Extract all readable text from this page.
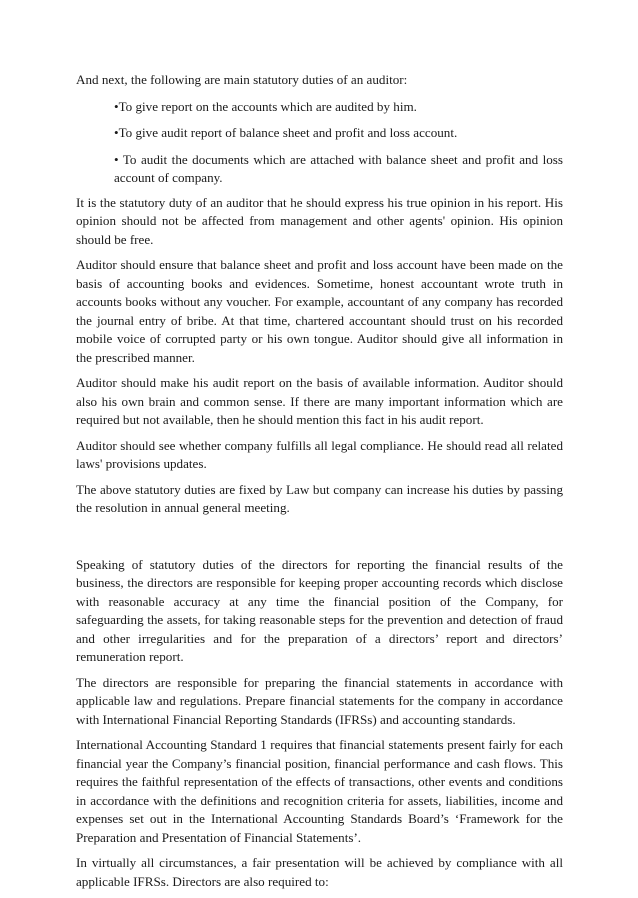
And next, the following are main statutory duties of an auditor:

•To give report on the accounts which are audited by him.
•To give audit report of balance sheet and profit and loss account.
• To audit the documents which are attached with balance sheet and profit and loss account of company.

It is the statutory duty of an auditor that he should express his true opinion in his report. His opinion should not be affected from management and other agents' opinion. His opinion should be free.

Auditor should ensure that balance sheet and profit and loss account have been made on the basis of accounting books and evidences. Sometime, honest accountant wrote truth in accounts books without any voucher. For example, accountant of any company has recorded the journal entry of bribe. At that time, chartered accountant should trust on his recorded mobile voice of corrupted party or his own tongue. Auditor should give all information in the prescribed manner.

Auditor should make his audit report on the basis of available information. Auditor should also his own brain and common sense. If there are many important information which are required but not available, then he should mention this fact in his audit report.

Auditor should see whether company fulfills all legal compliance. He should read all related laws' provisions updates.

The above statutory duties are fixed by Law but company can increase his duties by passing the resolution in annual general meeting.

Speaking of statutory duties of the directors for reporting the financial results of the business, the directors are responsible for keeping proper accounting records which disclose with reasonable accuracy at any time the financial position of the Company, for safeguarding the assets, for taking reasonable steps for the prevention and detection of fraud and other irregularities and for the preparation of a directors’ report and directors’ remuneration report.

The directors are responsible for preparing the financial statements in accordance with applicable law and regulations. Prepare financial statements for the company in accordance with International Financial Reporting Standards (IFRSs) and accounting standards.

International Accounting Standard 1 requires that financial statements present fairly for each financial year the Company’s financial position, financial performance and cash flows. This requires the faithful representation of the effects of transactions, other events and conditions in accordance with the definitions and recognition criteria for assets, liabilities, income and expenses set out in the International Accounting Standards Board’s ‘Framework for the Preparation and Presentation of Financial Statements’.

In virtually all circumstances, a fair presentation will be achieved by compliance with all applicable IFRSs. Directors are also required to:
